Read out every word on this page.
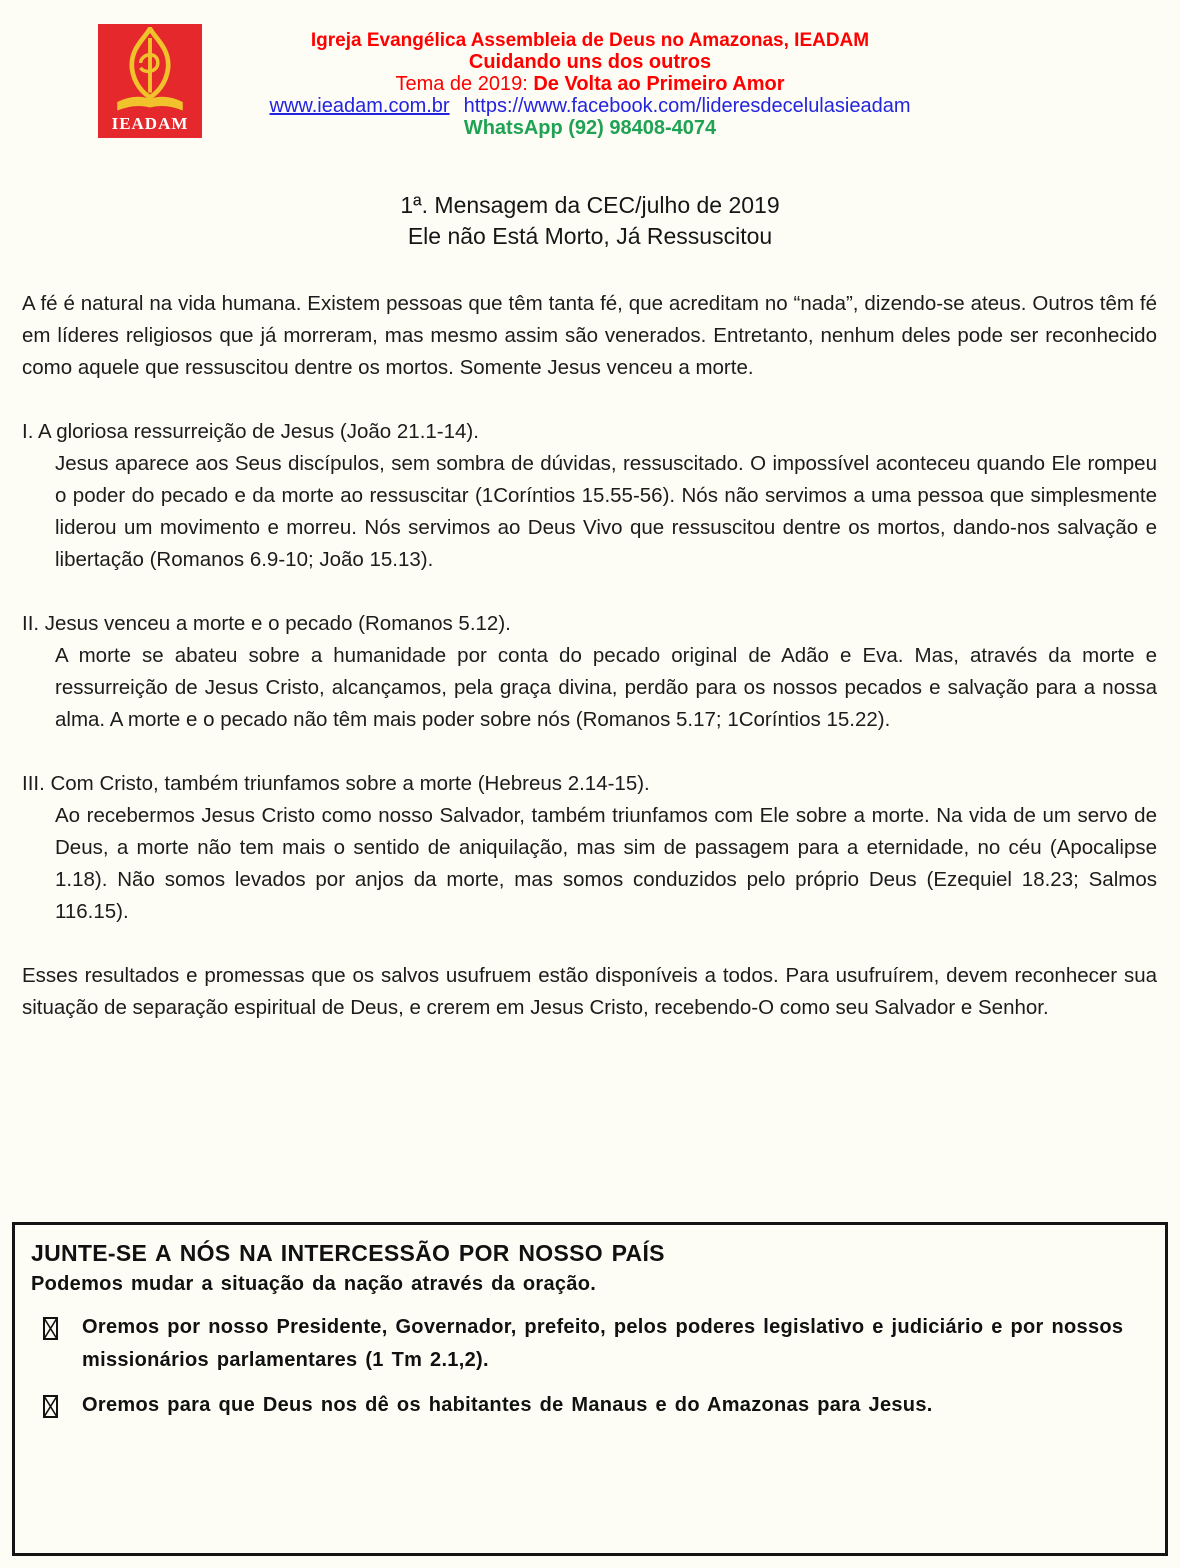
IEADAM
Igreja Evangélica Assembleia de Deus no Amazonas, IEADAM
Cuidando uns dos outros
Tema de 2019: De Volta ao Primeiro Amor
www.ieadam.com.br https://www.facebook.com/lideresdecelulasieadam
WhatsApp (92) 98408-4074
1ª. Mensagem da CEC/julho de 2019
Ele não Está Morto, Já Ressuscitou

A fé é natural na vida humana. Existem pessoas que têm tanta fé, que acreditam no “nada”, dizendo-se ateus. Outros têm fé em líderes religiosos que já morreram, mas mesmo assim são venerados. Entretanto, nenhum deles pode ser reconhecido como aquele que ressuscitou dentre os mortos. Somente Jesus venceu a morte.

I. A gloriosa ressurreição de Jesus (João 21.1-14).

Jesus aparece aos Seus discípulos, sem sombra de dúvidas, ressuscitado. O impossível aconteceu quando Ele rompeu o poder do pecado e da morte ao ressuscitar (1Coríntios 15.55-56). Nós não servimos a uma pessoa que simplesmente liderou um movimento e morreu. Nós servimos ao Deus Vivo que ressuscitou dentre os mortos, dando-nos salvação e libertação (Romanos 6.9-10; João 15.13).

II. Jesus venceu a morte e o pecado (Romanos 5.12).

A morte se abateu sobre a humanidade por conta do pecado original de Adão e Eva. Mas, através da morte e ressurreição de Jesus Cristo, alcançamos, pela graça divina, perdão para os nossos pecados e salvação para a nossa alma. A morte e o pecado não têm mais poder sobre nós (Romanos 5.17; 1Coríntios 15.22).

III. Com Cristo, também triunfamos sobre a morte (Hebreus 2.14-15).

Ao recebermos Jesus Cristo como nosso Salvador, também triunfamos com Ele sobre a morte. Na vida de um servo de Deus, a morte não tem mais o sentido de aniquilação, mas sim de passagem para a eternidade, no céu (Apocalipse 1.18). Não somos levados por anjos da morte, mas somos conduzidos pelo próprio Deus (Ezequiel 18.23; Salmos 116.15).

Esses resultados e promessas que os salvos usufruem estão disponíveis a todos. Para usufruírem, devem reconhecer sua situação de separação espiritual de Deus, e crerem em Jesus Cristo, recebendo-O como seu Salvador e Senhor.

JUNTE-SE A NÓS NA INTERCESSÃO POR NOSSO PAÍS
Podemos mudar a situação da nação através da oração.
Oremos por nosso Presidente, Governador, prefeito, pelos poderes legislativo e judiciário e por nossos missionários parlamentares (1 Tm 2.1,2).
Oremos para que Deus nos dê os habitantes de Manaus e do Amazonas para Jesus.
